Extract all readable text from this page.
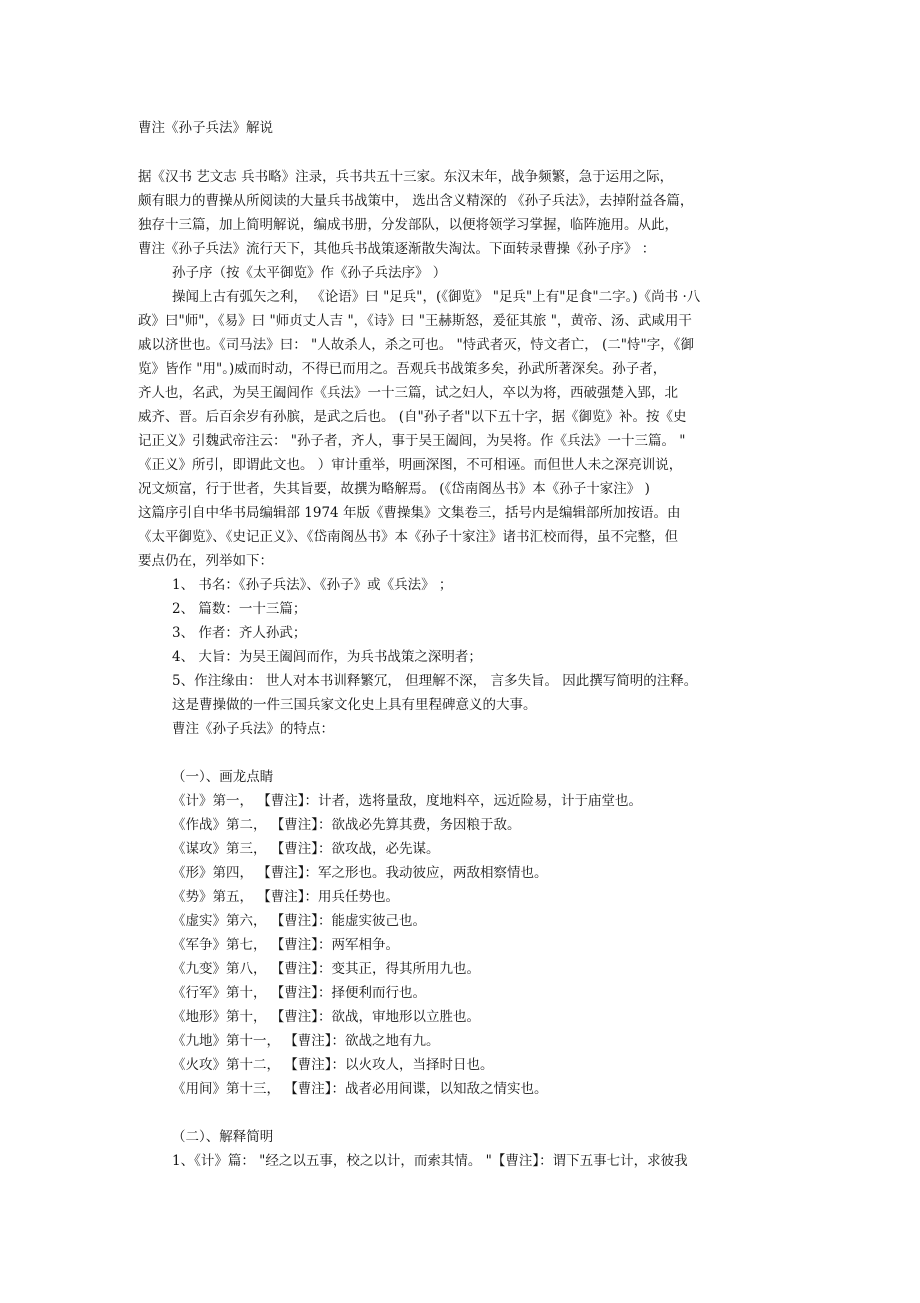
曹注《孙子兵法》解说
据《汉书 艺文志 兵书略》注录，兵书共五十三家。东汉末年，战争频繁，急于运用之际，
颇有眼力的曹操从所阅读的大量兵书战策中， 选出含义精深的 《孙子兵法》，去掉附益各篇，
独存十三篇，加上简明解说，编成书册，分发部队，以便将领学习掌握，临阵施用。从此，
曹注《孙子兵法》流行天下，其他兵书战策逐渐散失淘汰。下面转录曹操《孙子序》 ：
孙子序（按《太平御览》作《孙子兵法序》 ）
操闻上古有弧矢之利， 《论语》曰 "足兵"，(《御览》 "足兵"上有"足食"二字。)《尚书 ·八
政》曰"师"，《易》曰 "师贞丈人吉 "，《诗》曰 "王赫斯怒，爰征其旅 "，黄帝、汤、武咸用干
戚以济世也。《司马法》曰： "人故杀人，杀之可也。 "恃武者灭，恃文者亡， (二"恃"字，《御
览》皆作 "用"。)威而时动，不得已而用之。吾观兵书战策多矣，孙武所著深矣。孙子者，
齐人也，名武，为吴王阖闾作《兵法》一十三篇，试之妇人，卒以为将，西破强楚入郢，北
威齐、晋。后百余岁有孙膑，是武之后也。 (自"孙子者"以下五十字，据《御览》补。按《史
记正义》引魏武帝注云： "孙子者，齐人，事于吴王阖闾，为吴将。作《兵法》一十三篇。 "
《正义》所引，即谓此文也。 ）审计重举，明画深图，不可相诬。而但世人未之深亮训说，
况文烦富，行于世者，失其旨要，故撰为略解焉。 (《岱南阁丛书》本《孙子十家注》 )
这篇序引自中华书局编辑部 1974 年版《曹操集》文集卷三，括号内是编辑部所加按语。由
《太平御览》、《史记正义》、《岱南阁丛书》本《孙子十家注》诸书汇校而得，虽不完整，但
要点仍在，列举如下：
1、 书名：《孙子兵法》、《孙子》或《兵法》 ；
2、 篇数：一十三篇；
3、 作者：齐人孙武；
4、 大旨：为吴王阖闾而作，为兵书战策之深明者；
5、作注缘由： 世人对本书训释繁冗， 但理解不深， 言多失旨。 因此撰写简明的注释。
这是曹操做的一件三国兵家文化史上具有里程碑意义的大事。
曹注《孙子兵法》的特点：
（一）、画龙点睛
《计》第一， 【曹注】：计者，选将量敌，度地料卒，远近险易，计于庙堂也。
《作战》第二， 【曹注】：欲战必先算其费，务因粮于敌。
《谋攻》第三， 【曹注】：欲攻战，必先谋。
《形》第四， 【曹注】：军之形也。我动彼应，两敌相察情也。
《势》第五， 【曹注】：用兵任势也。
《虚实》第六， 【曹注】：能虚实彼己也。
《军争》第七， 【曹注】：两军相争。
《九变》第八， 【曹注】：变其正，得其所用九也。
《行军》第十， 【曹注】：择便利而行也。
《地形》第十， 【曹注】：欲战，审地形以立胜也。
《九地》第十一， 【曹注】：欲战之地有九。
《火攻》第十二， 【曹注】：以火攻人，当择时日也。
《用间》第十三， 【曹注】：战者必用间谍，以知敌之情实也。
（二）、解释简明
1、《计》篇： "经之以五事，校之以计，而索其情。 "【曹注】：谓下五事七计，求彼我
